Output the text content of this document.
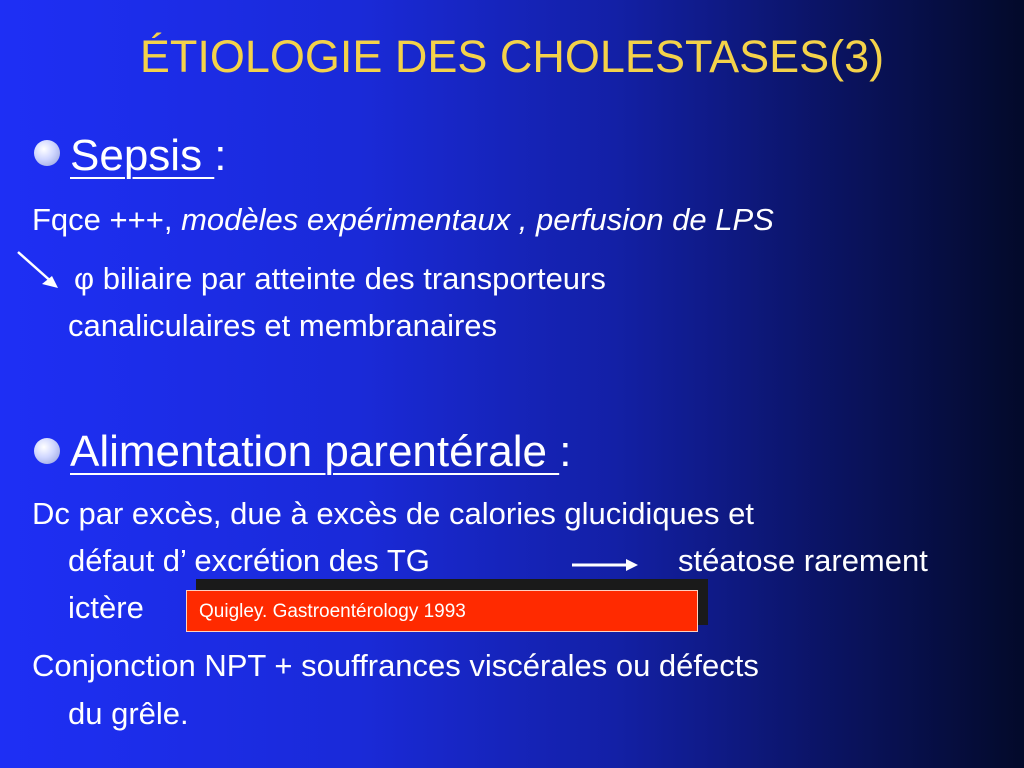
ÉTIOLOGIE DES CHOLESTASES(3)
Sepsis :
Fqce +++, modèles expérimentaux , perfusion de LPS
φ biliaire par atteinte des transporteurs
canaliculaires et membranaires
Alimentation parentérale :
Dc par excès, due à excès de calories glucidiques et
défaut d’ excrétion des TG	stéatose rarement
ictère	Quigley. Gastroentérology 1993
Conjonction NPT + souffrances viscérales ou défects
du grêle.
